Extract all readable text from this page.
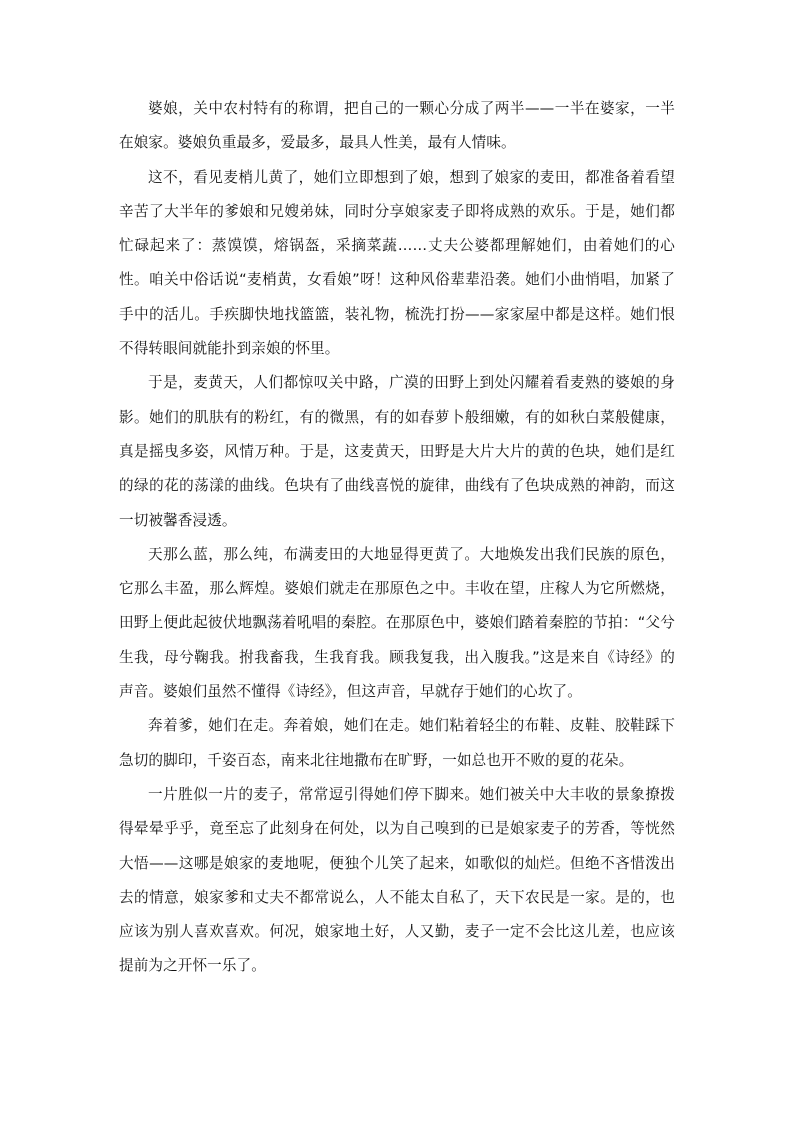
婆娘，关中农村特有的称谓，把自己的一颗心分成了两半——一半在婆家，一半在娘家。婆娘负重最多，爱最多，最具人性美，最有人情味。

这不，看见麦梢儿黄了，她们立即想到了娘，想到了娘家的麦田，都准备着看望辛苦了大半年的爹娘和兄嫂弟妹，同时分享娘家麦子即将成熟的欢乐。于是，她们都忙碌起来了：蒸馍馍，熔锅盔，采摘菜蔬……丈夫公婆都理解她们，由着她们的心性。咱关中俗话说“麦梢黄，女看娘”呀！这种风俗辈辈沿袭。她们小曲悄唱，加紧了手中的活儿。手疾脚快地找篮篮，装礼物，梳洗打扮——家家屋中都是这样。她们恨不得转眼间就能扑到亲娘的怀里。

于是，麦黄天，人们都惊叹关中路，广漠的田野上到处闪耀着看麦熟的婆娘的身影。她们的肌肤有的粉红，有的微黑，有的如春萝卜般细嫩，有的如秋白菜般健康，真是摇曳多姿，风情万种。于是，这麦黄天，田野是大片大片的黄的色块，她们是红的绿的花的荡漾的曲线。色块有了曲线喜悦的旋律，曲线有了色块成熟的神韵，而这一切被馨香浸透。

天那么蓝，那么纯，布满麦田的大地显得更黄了。大地焕发出我们民族的原色，它那么丰盈，那么辉煌。婆娘们就走在那原色之中。丰收在望，庄稼人为它所燃烧，田野上便此起彼伏地飘荡着吼唱的秦腔。在那原色中，婆娘们踏着秦腔的节拍：“父兮生我，母兮鞠我。拊我畜我，生我育我。顾我复我，出入腹我。”这是来自《诗经》的声音。婆娘们虽然不懂得《诗经》，但这声音，早就存于她们的心坎了。

奔着爹，她们在走。奔着娘，她们在走。她们粘着轻尘的布鞋、皮鞋、胶鞋踩下急切的脚印，千姿百态，南来北往地撒布在旷野，一如总也开不败的夏的花朵。

一片胜似一片的麦子，常常逗引得她们停下脚来。她们被关中大丰收的景象撩拨得晕晕乎乎，竟至忘了此刻身在何处，以为自己嗅到的已是娘家麦子的芳香，等恍然大悟——这哪是娘家的麦地呢，便独个儿笑了起来，如歌似的灿烂。但绝不吝惜泼出去的情意，娘家爹和丈夫不都常说么，人不能太自私了，天下农民是一家。是的，也应该为别人喜欢喜欢。何况，娘家地土好，人又勤，麦子一定不会比这儿差，也应该提前为之开怀一乐了。
